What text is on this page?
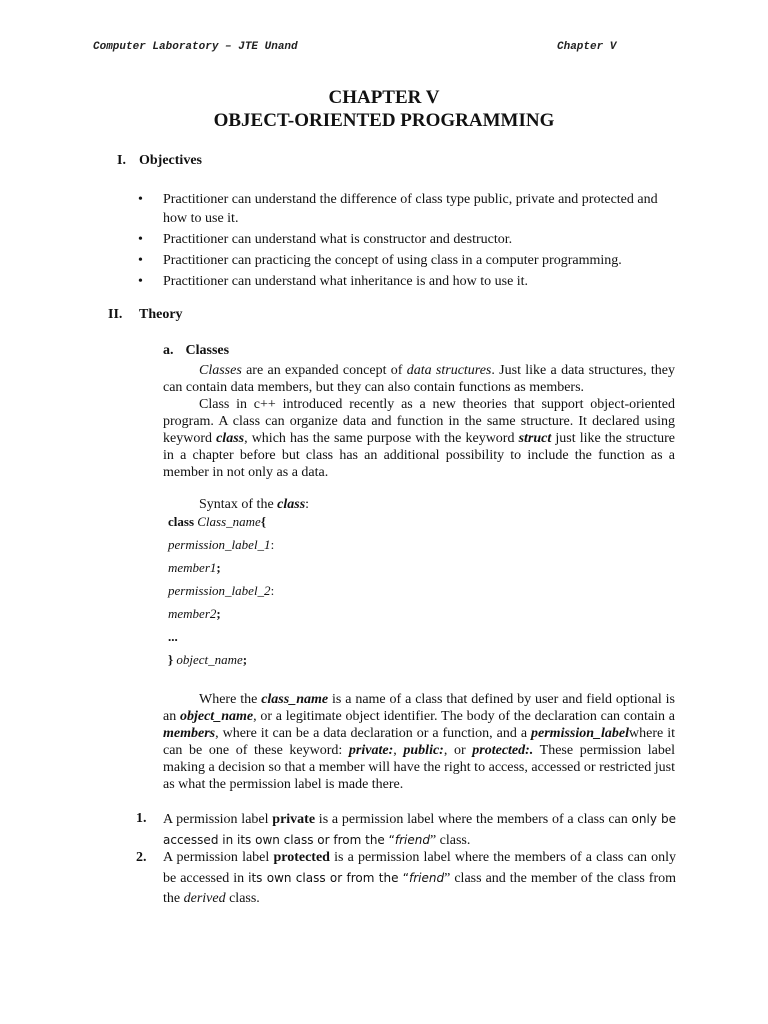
Computer Laboratory – JTE Unand	Chapter V
CHAPTER V
OBJECT-ORIENTED PROGRAMMING
I. Objectives
• Practitioner can understand the difference of class type public, private and protected and how to use it.
• Practitioner can understand what is constructor and destructor.
• Practitioner can practicing the concept of using class in a computer programming.
• Practitioner can understand what inheritance is and how to use it.
II. Theory
a. Classes
Classes are an expanded concept of data structures. Just like a data structures, they can contain data members, but they can also contain functions as members.
Class in c++ introduced recently as a new theories that support object-oriented program. A class can organize data and function in the same structure. It declared using keyword class, which has the same purpose with the keyword struct just like the structure in a chapter before but class has an additional possibility to include the function as a member in not only as a data.
Syntax of the class:
class Class_name{
permission_label_1:
member1;
permission_label_2:
member2;
...
} object_name;
Where the class_name is a name of a class that defined by user and field optional is an object_name, or a legitimate object identifier. The body of the declaration can contain a members, where it can be a data declaration or a function, and a permission_labelwhere it can be one of these keyword: private:, public:, or protected:. These permission label making a decision so that a member will have the right to access, accessed or restricted just as what the permission label is made there.
1.	A permission label private is a permission label where the members of a class can only be accessed in its own class or from the “friend” class.
2.	A permission label protected is a permission label where the members of a class can only be accessed in its own class or from the “friend” class and the member of the class from the derived class.
